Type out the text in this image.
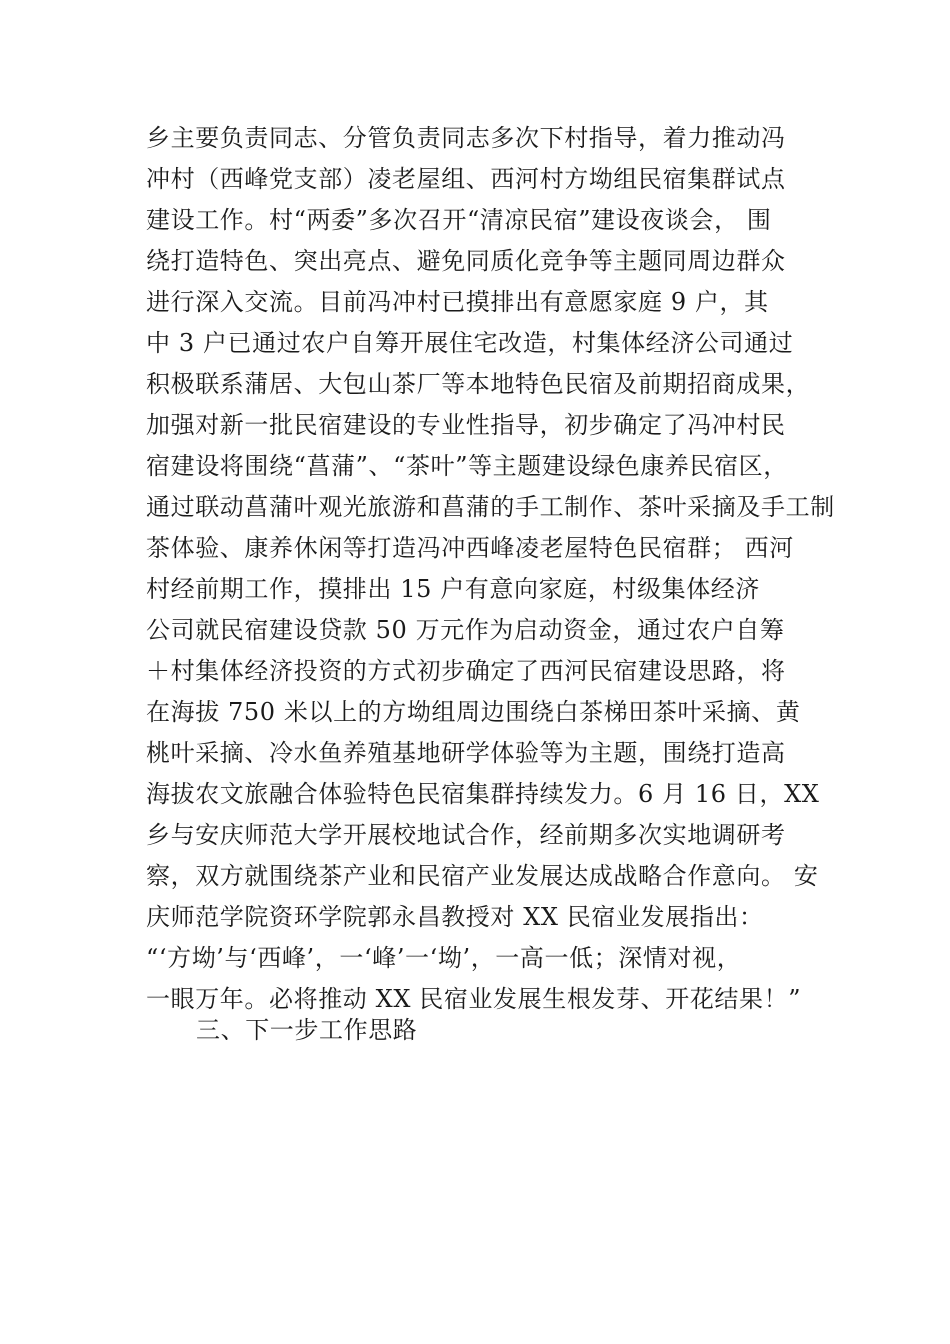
乡主要负责同志、分管负责同志多次下村指导，着力推动冯
冲村（西峰党支部）凌老屋组、西河村方坳组民宿集群试点
建设工作。村“两委”多次召开“清凉民宿”建设夜谈会， 围
绕打造特色、突出亮点、避免同质化竞争等主题同周边群众
进行深入交流。目前冯冲村已摸排出有意愿家庭 9 户，其
中 3 户已通过农户自筹开展住宅改造，村集体经济公司通过
积极联系蒲居、大包山茶厂等本地特色民宿及前期招商成果，
加强对新一批民宿建设的专业性指导，初步确定了冯冲村民
宿建设将围绕“菖蒲”、“茶叶”等主题建设绿色康养民宿区，
通过联动菖蒲叶观光旅游和菖蒲的手工制作、茶叶采摘及手工制
茶体验、康养休闲等打造冯冲西峰凌老屋特色民宿群； 西河
村经前期工作，摸排出 15 户有意向家庭，村级集体经济
公司就民宿建设贷款 50 万元作为启动资金，通过农户自筹
＋村集体经济投资的方式初步确定了西河民宿建设思路，将
在海拔 750 米以上的方坳组周边围绕白茶梯田茶叶采摘、黄
桃叶采摘、冷水鱼养殖基地研学体验等为主题，围绕打造高
海拔农文旅融合体验特色民宿集群持续发力。6 月 16 日，XX
乡与安庆师范大学开展校地试合作，经前期多次实地调研考
察，双方就围绕茶产业和民宿产业发展达成战略合作意向。 安
庆师范学院资环学院郭永昌教授对 XX 民宿业发展指出：
“‘方坳’与‘西峰’，一‘峰’一‘坳’，一高一低；深情对视，
一眼万年。必将推动 XX 民宿业发展生根发芽、开花结果！”
三、下一步工作思路
